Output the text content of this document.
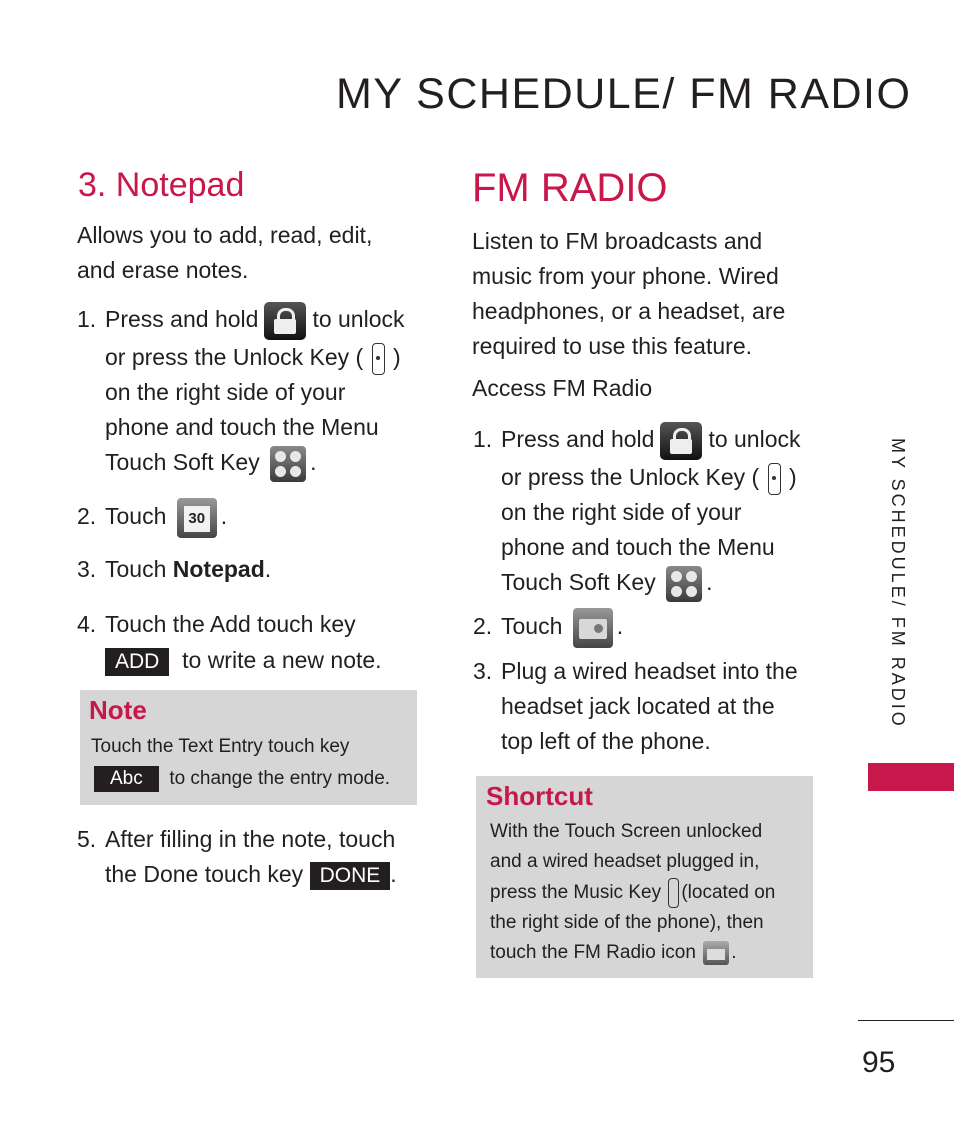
MY SCHEDULE/ FM RADIO
3. Notepad
Allows you to add, read, edit,
and erase notes.
1. Press and hold to unlock
or press the Unlock Key ( )
on the right side of your
phone and touch the Menu
Touch Soft Key .
2. Touch	30 .
3. Touch Notepad.
4. Touch the Add touch key
ADD to write a new note.
Note
Touch the Text Entry touch key
Abc to change the entry mode.
5. After filling in the note, touch
the Done touch key DONE .
FM RADIO
Listen to FM broadcasts and
music from your phone. Wired
headphones, or a headset, are
required to use this feature.
Access FM Radio
1. Press and hold to unlock
or press the Unlock Key ( )
on the right side of your
phone and touch the Menu
Touch Soft Key .
2. Touch .
3. Plug a wired headset into the
headset jack located at the
top left of the phone.
Shortcut
With the Touch Screen unlocked
and a wired headset plugged in,
press the Music Key (located on
the right side of the phone), then
touch the FM Radio icon .
MY SCHEDULE/ FM RADIO
95
